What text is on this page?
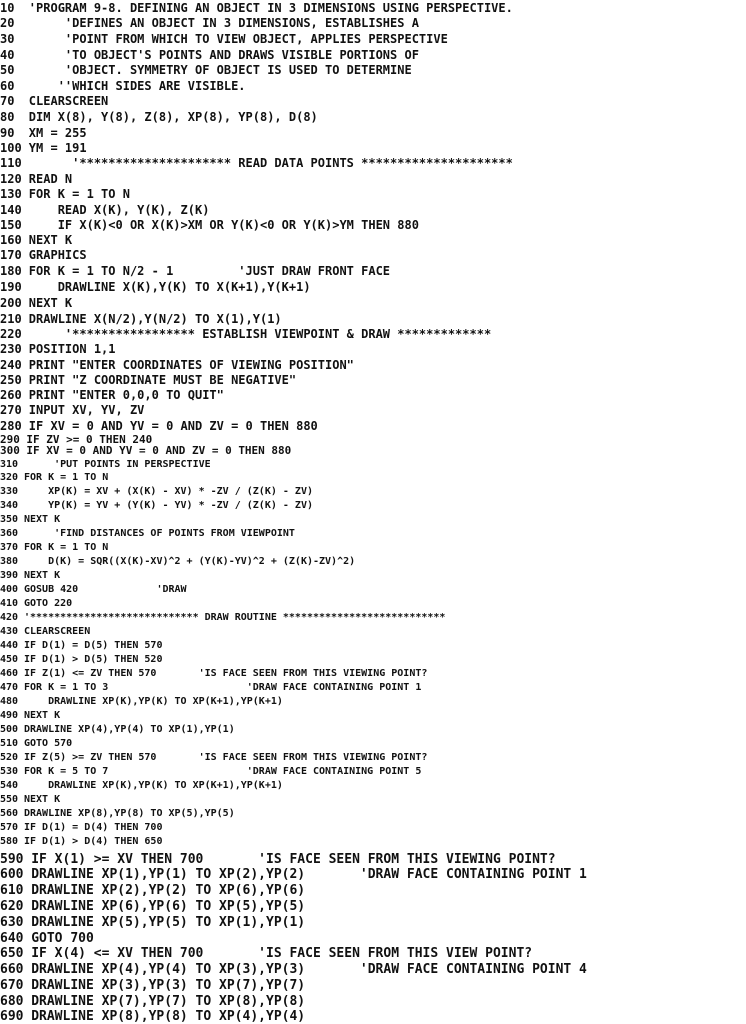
10 'PROGRAM 9-8. DEFINING AN OBJECT IN 3 DIMENSIONS USING PERSPECTIVE.
20     'DEFINES AN OBJECT IN 3 DIMENSIONS, ESTABLISHES A
30     'POINT FROM WHICH TO VIEW OBJECT, APPLIES PERSPECTIVE
40     'TO OBJECT'S POINTS AND DRAWS VISIBLE PORTIONS OF
50     'OBJECT. SYMMETRY OF OBJECT IS USED TO DETERMINE
60    ''WHICH SIDES ARE VISIBLE.
70 CLEARSCREEN
80 DIM X(8), Y(8), Z(8), XP(8), YP(8), D(8)
90 XM = 255
100 YM = 191
110      '********************* READ DATA POINTS *********************
120 READ N
130 FOR K = 1 TO N
140    READ X(K), Y(K), Z(K)
150    IF X(K)<0 OR X(K)>XM OR Y(K)<0 OR Y(K)>YM THEN 880
160 NEXT K
170 GRAPHICS
180 FOR K = 1 TO N/2 - 1         'JUST DRAW FRONT FACE
190    DRAWLINE X(K),Y(K) TO X(K+1),Y(K+1)
200 NEXT K
210 DRAWLINE X(N/2),Y(N/2) TO X(1),Y(1)
220     '***************** ESTABLISH VIEWPOINT & DRAW *************
230 POSITION 1,1
240 PRINT "ENTER COORDINATES OF VIEWING POSITION"
250 PRINT "Z COORDINATE MUST BE NEGATIVE"
260 PRINT "ENTER 0,0,0 TO QUIT"
270 INPUT XV, YV, ZV
280 IF XV = 0 AND YV = 0 AND ZV = 0 THEN 880
290 IF ZV >= 0 THEN 240
300 IF XV = 0 AND YV = 0 AND ZV = 0 THEN 880
310     'PUT POINTS IN PERSPECTIVE
320 FOR K = 1 TO N
330    XP(K) = XV + (X(K) - XV) * -ZV / (Z(K) - ZV)
340    YP(K) = YV + (Y(K) - YV) * -ZV / (Z(K) - ZV)
350 NEXT K
360     'FIND DISTANCES OF POINTS FROM VIEWPOINT
370 FOR K = 1 TO N
380    D(K) = SQR((X(K)-XV)^2 + (Y(K)-YV)^2 + (Z(K)-ZV)^2)
390 NEXT K
400 GOSUB 420             'DRAW
410 GOTO 220
420 '**************************** DRAW ROUTINE ***************************
430 CLEARSCREEN
440 IF D(1) = D(5) THEN 570
450 IF D(1) > D(5) THEN 520
460 IF Z(1) <= ZV THEN 570       'IS FACE SEEN FROM THIS VIEWING POINT?
470 FOR K = 1 TO 3                       'DRAW FACE CONTAINING POINT 1
480    DRAWLINE XP(K),YP(K) TO XP(K+1),YP(K+1)
490 NEXT K
500 DRAWLINE XP(4),YP(4) TO XP(1),YP(1)
510 GOTO 570
520 IF Z(5) >= ZV THEN 570       'IS FACE SEEN FROM THIS VIEWING POINT?
530 FOR K = 5 TO 7                       'DRAW FACE CONTAINING POINT 5
540    DRAWLINE XP(K),YP(K) TO XP(K+1),YP(K+1)
550 NEXT K
560 DRAWLINE XP(8),YP(8) TO XP(5),YP(5)
570 IF D(1) = D(4) THEN 700
580 IF D(1) > D(4) THEN 650
590 IF X(1) >= XV THEN 700       'IS FACE SEEN FROM THIS VIEWING POINT?
600 DRAWLINE XP(1),YP(1) TO XP(2),YP(2)       'DRAW FACE CONTAINING POINT 1
610 DRAWLINE XP(2),YP(2) TO XP(6),YP(6)
620 DRAWLINE XP(6),YP(6) TO XP(5),YP(5)
630 DRAWLINE XP(5),YP(5) TO XP(1),YP(1)
640 GOTO 700
650 IF X(4) <= XV THEN 700       'IS FACE SEEN FROM THIS VIEW POINT?
660 DRAWLINE XP(4),YP(4) TO XP(3),YP(3)       'DRAW FACE CONTAINING POINT 4
670 DRAWLINE XP(3),YP(3) TO XP(7),YP(7)
680 DRAWLINE XP(7),YP(7) TO XP(8),YP(8)
690 DRAWLINE XP(8),YP(8) TO XP(4),YP(4)
